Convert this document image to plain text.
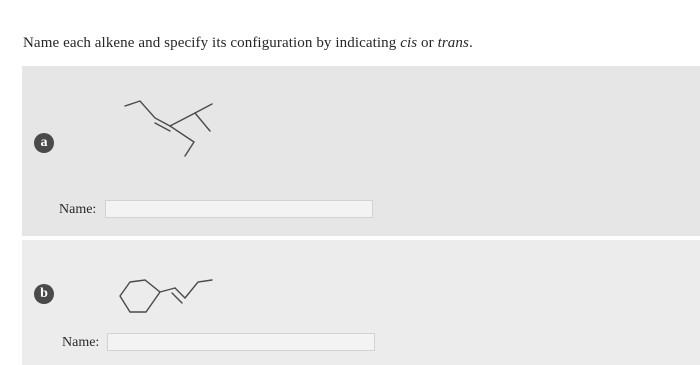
Name each alkene and specify its configuration by indicating cis or trans.
a
Name:
b
Name:
